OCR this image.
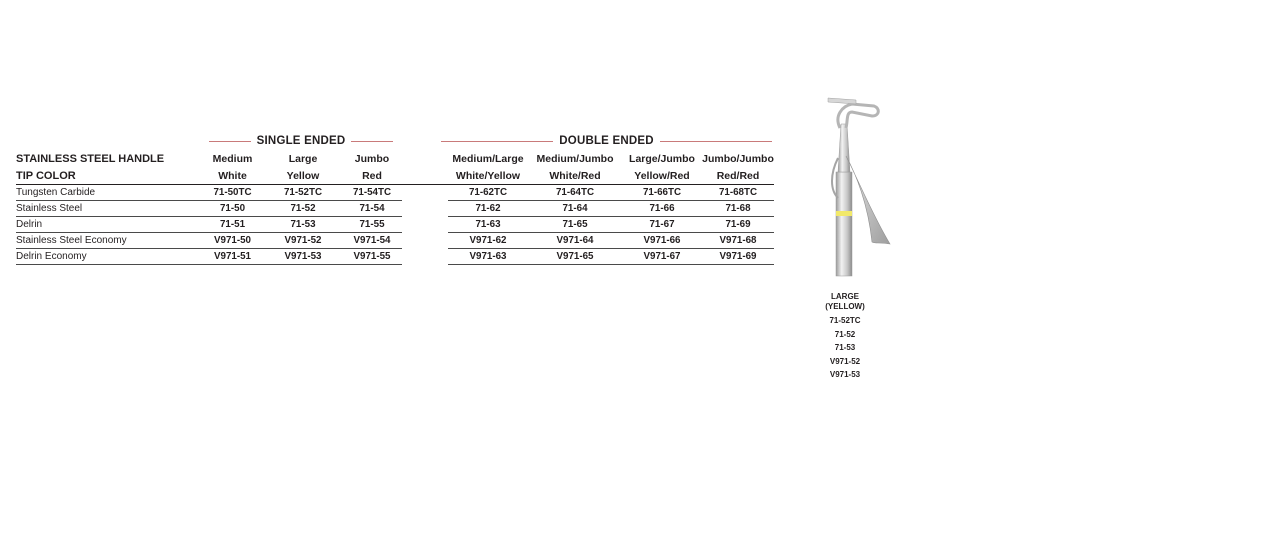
SINGLE ENDED	DOUBLE ENDED
STAINLESS STEEL HANDLE	Medium	Large	Jumbo		Medium/Large	Medium/Jumbo	Large/Jumbo	Jumbo/Jumbo
TIP COLOR	White	Yellow	Red		White/Yellow	White/Red	Yellow/Red	Red/Red
Tungsten Carbide	71-50TC	71-52TC	71-54TC		71-62TC	71-64TC	71-66TC	71-68TC
Stainless Steel	71-50	71-52	71-54		71-62	71-64	71-66	71-68
Delrin	71-51	71-53	71-55		71-63	71-65	71-67	71-69
Stainless Steel Economy	V971-50	V971-52	V971-54		V971-62	V971-64	V971-66	V971-68
Delrin Economy	V971-51	V971-53	V971-55		V971-63	V971-65	V971-67	V971-69
LARGE
(YELLOW)
71-52TC
71-52
71-53
V971-52
V971-53
